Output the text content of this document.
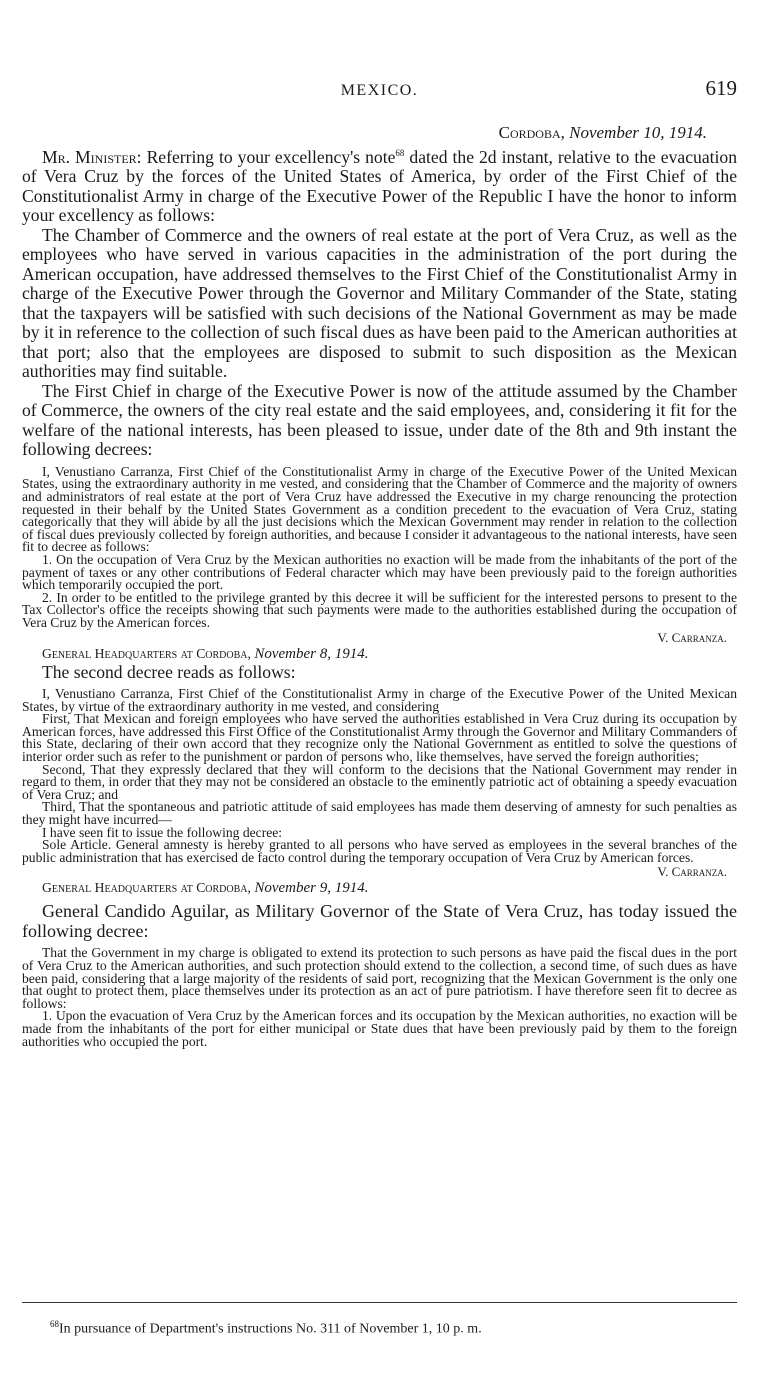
MEXICO.	619
Cordoba, November 10, 1914.

Mr. Minister: Referring to your excellency's note$^{68}$ dated the 2d instant, relative to the evacuation of Vera Cruz by the forces of the United States of America, by order of the First Chief of the Constitutionalist Army in charge of the Executive Power of the Republic I have the honor to inform your excellency as follows:

The Chamber of Commerce and the owners of real estate at the port of Vera Cruz, as well as the employees who have served in various capacities in the administration of the port during the American occupation, have addressed themselves to the First Chief of the Constitutionalist Army in charge of the Executive Power through the Governor and Military Commander of the State, stating that the taxpayers will be satisfied with such decisions of the National Government as may be made by it in reference to the collection of such fiscal dues as have been paid to the American authorities at that port; also that the employees are disposed to submit to such disposition as the Mexican authorities may find suitable.

The First Chief in charge of the Executive Power is now of the attitude assumed by the Chamber of Commerce, the owners of the city real estate and the said employees, and, considering it fit for the welfare of the national interests, has been pleased to issue, under date of the 8th and 9th instant the following decrees:

I, Venustiano Carranza, First Chief of the Constitutionalist Army in charge of the Executive Power of the United Mexican States, using the extraordinary authority in me vested, and considering that the Chamber of Commerce and the majority of owners and administrators of real estate at the port of Vera Cruz have addressed the Executive in my charge renouncing the protection requested in their behalf by the United States Government as a condition precedent to the evacuation of Vera Cruz, stating categorically that they will abide by all the just decisions which the Mexican Government may render in relation to the collection of fiscal dues previously collected by foreign authorities, and because I consider it advantageous to the national interests, have seen fit to decree as follows:

1. On the occupation of Vera Cruz by the Mexican authorities no exaction will be made from the inhabitants of the port of the payment of taxes or any other contributions of Federal character which may have been previously paid to the foreign authorities which temporarily occupied the port.

2. In order to be entitled to the privilege granted by this decree it will be sufficient for the interested persons to present to the Tax Collector's office the receipts showing that such payments were made to the authorities established during the occupation of Vera Cruz by the American forces.

V. Carranza.
General Headquarters at Cordoba, November 8, 1914.

The second decree reads as follows:

I, Venustiano Carranza, First Chief of the Constitutionalist Army in charge of the Executive Power of the United Mexican States, by virtue of the extraordinary authority in me vested, and considering

First, That Mexican and foreign employees who have served the authorities established in Vera Cruz during its occupation by American forces, have addressed this First Office of the Constitutionalist Army through the Governor and Military Commanders of this State, declaring of their own accord that they recognize only the National Government as entitled to solve the questions of interior order such as refer to the punishment or pardon of persons who, like themselves, have served the foreign authorities;

Second, That they expressly declared that they will conform to the decisions that the National Government may render in regard to them, in order that they may not be considered an obstacle to the eminently patriotic act of obtaining a speedy evacuation of Vera Cruz; and

Third, That the spontaneous and patriotic attitude of said employees has made them deserving of amnesty for such penalties as they might have incurred—

I have seen fit to issue the following decree:

Sole Article. General amnesty is hereby granted to all persons who have served as employees in the several branches of the public administration that has exercised de facto control during the temporary occupation of Vera Cruz by American forces.

V. Carranza.
General Headquarters at Cordoba, November 9, 1914.

General Candido Aguilar, as Military Governor of the State of Vera Cruz, has today issued the following decree:

That the Government in my charge is obligated to extend its protection to such persons as have paid the fiscal dues in the port of Vera Cruz to the American authorities, and such protection should extend to the collection, a second time, of such dues as have been paid, considering that a large majority of the residents of said port, recognizing that the Mexican Government is the only one that ought to protect them, place themselves under its protection as an act of pure patriotism. I have therefore seen fit to decree as follows:

1. Upon the evacuation of Vera Cruz by the American forces and its occupation by the Mexican authorities, no exaction will be made from the inhabitants of the port for either municipal or State dues that have been previously paid by them to the foreign authorities who occupied the port.

$^{68}$In pursuance of Department's instructions No. 311 of November 1, 10 p. m.
